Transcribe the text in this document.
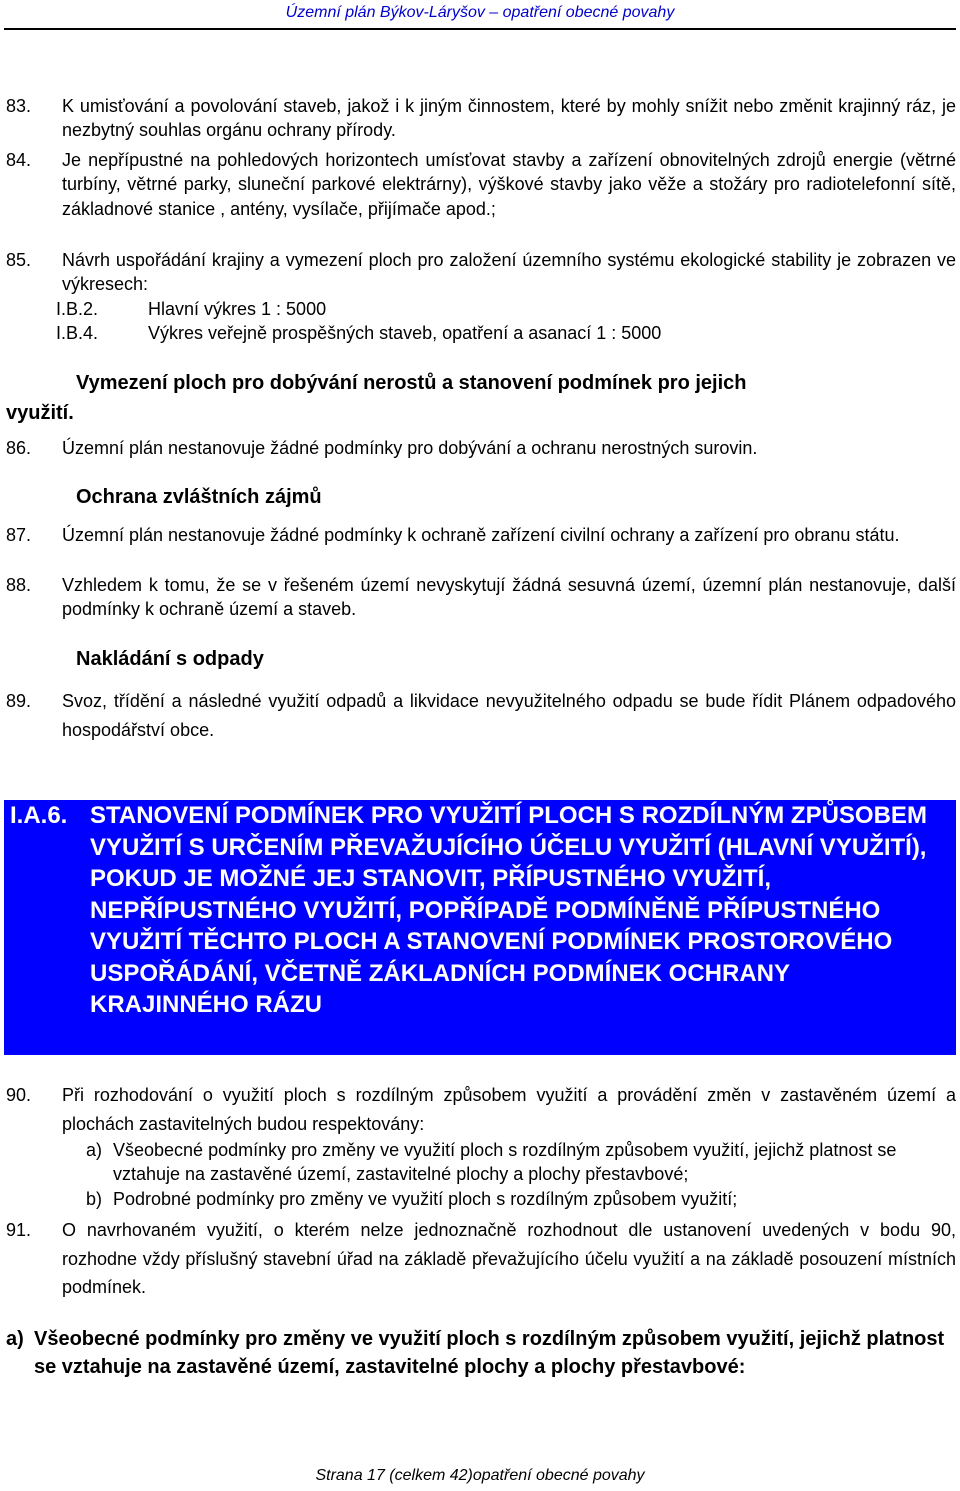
Územní plán Býkov-Láryšov – opatření obecné povahy
83. K umisťování a povolování staveb, jakož i k jiným činnostem, které by mohly snížit nebo změnit krajinný ráz, je nezbytný souhlas orgánu ochrany přírody.
84. Je nepřípustné na pohledových horizontech umísťovat stavby a zařízení obnovitelných zdrojů energie (větrné turbíny, větrné parky, sluneční parkové elektrárny), výškové stavby jako věže a stožáry pro radiotelefonní sítě, základnové stanice , antény, vysílače, přijímače apod.;
85. Návrh uspořádání krajiny a vymezení ploch pro založení územního systému ekologické stability je zobrazen ve výkresech:
I.B.2.	Hlavní výkres 1 : 5000
I.B.4.	Výkres veřejně prospěšných staveb, opatření a asanací 1 : 5000
Vymezení ploch pro dobývání nerostů a stanovení podmínek pro jejich
využití.
86. Územní plán nestanovuje žádné podmínky pro dobývání a ochranu nerostných surovin.
Ochrana zvláštních zájmů
87. Územní plán nestanovuje žádné podmínky k ochraně zařízení civilní ochrany a zařízení pro obranu státu.
88. Vzhledem k tomu, že se v řešeném území nevyskytují žádná sesuvná území, územní plán nestanovuje, další podmínky k ochraně území a staveb.
Nakládání s odpady
89. Svoz, třídění a následné využití odpadů a likvidace nevyužitelného odpadu se bude řídit Plánem odpadového hospodářství obce.
I.A.6. STANOVENÍ PODMÍNEK PRO VYUŽITÍ PLOCH S ROZDÍLNÝM ZPŮSOBEM VYUŽITÍ S URČENÍM PŘEVAŽUJÍCÍHO ÚČELU VYUŽITÍ (HLAVNÍ VYUŽITÍ), POKUD JE MOŽNÉ JEJ STANOVIT, PŘÍPUSTNÉHO VYUŽITÍ, NEPŘÍPUSTNÉHO VYUŽITÍ, POPŘÍPADĚ PODMÍNĚNĚ PŘÍPUSTNÉHO VYUŽITÍ TĚCHTO PLOCH A STANOVENÍ PODMÍNEK PROSTOROVÉHO USPOŘÁDÁNÍ, VČETNĚ ZÁKLADNÍCH PODMÍNEK OCHRANY KRAJINNÉHO RÁZU
90. Při rozhodování o využití ploch s rozdílným způsobem využití a provádění změn v zastavěném území a plochách zastavitelných budou respektovány:
a) Všeobecné podmínky pro změny ve využití ploch s rozdílným způsobem využití, jejichž platnost se vztahuje na zastavěné území, zastavitelné plochy a plochy přestavbové;
b) Podrobné podmínky pro změny ve využití ploch s rozdílným způsobem využití;
91. O navrhovaném využití, o kterém nelze jednoznačně rozhodnout dle ustanovení uvedených v bodu 90, rozhodne vždy příslušný stavební úřad na základě převažujícího účelu využití a na základě posouzení místních podmínek.
a) Všeobecné podmínky pro změny ve využití ploch s rozdílným způsobem využití, jejichž platnost se vztahuje na zastavěné území, zastavitelné plochy a plochy přestavbové:
Strana 17 (celkem 42)opatření obecné povahy
